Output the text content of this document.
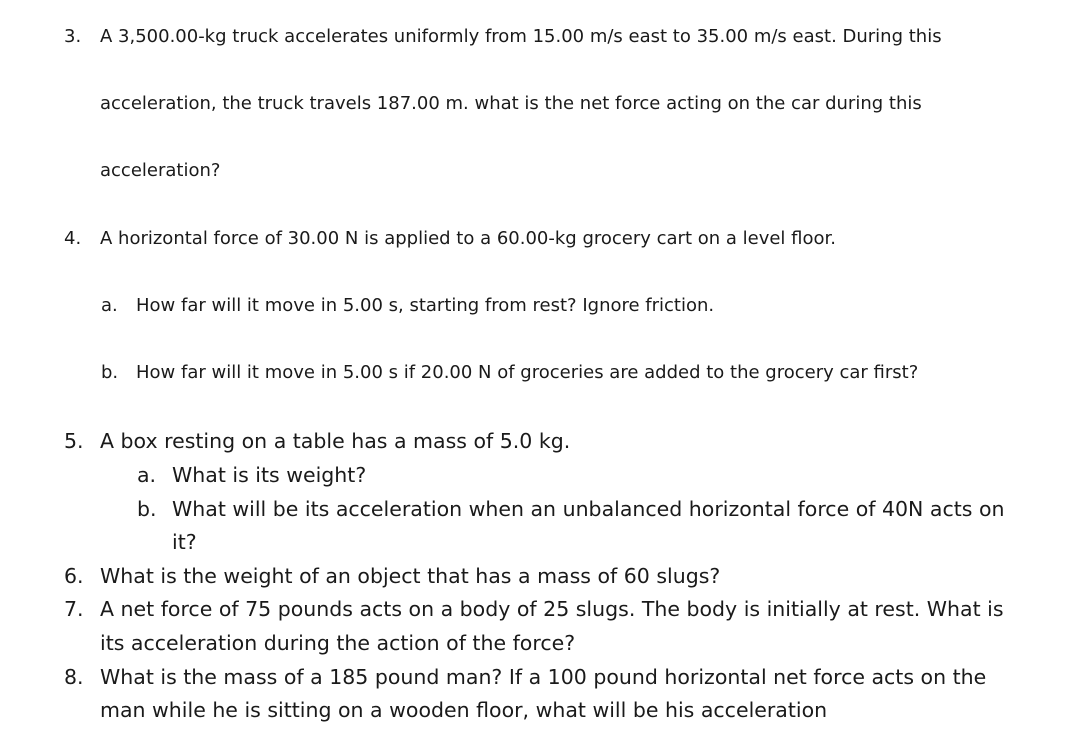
3. A 3,500.00-kg truck accelerates uniformly from 15.00 m/s east to 35.00 m/s east. During this
acceleration, the truck travels 187.00 m. what is the net force acting on the car during this
acceleration?
4. A horizontal force of 30.00 N is applied to a 60.00-kg grocery cart on a level floor.
a. How far will it move in 5.00 s, starting from rest? Ignore friction.
b. How far will it move in 5.00 s if 20.00 N of groceries are added to the grocery car first?
5. A box resting on a table has a mass of 5.0 kg.
a. What is its weight?
b. What will be its acceleration when an unbalanced horizontal force of 40N acts on
it?
6. What is the weight of an object that has a mass of 60 slugs?
7. A net force of 75 pounds acts on a body of 25 slugs. The body is initially at rest. What is
its acceleration during the action of the force?
8. What is the mass of a 185 pound man? If a 100 pound horizontal net force acts on the
man while he is sitting on a wooden floor, what will be his acceleration
